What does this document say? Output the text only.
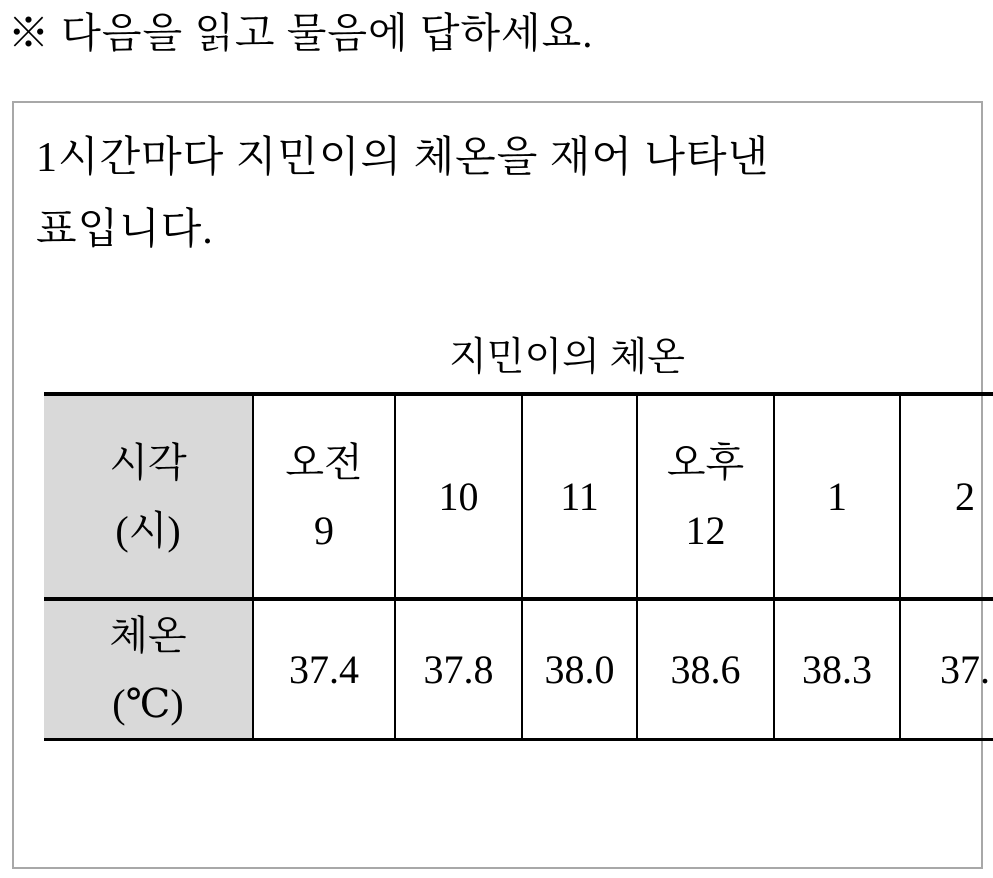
※ 다음을 읽고 물음에 답하세요.
1시간마다 지민이의 체온을 재어 나타낸
표입니다.
지민이의 체온
시각
(시)
오전
9
10 11
오후
12
1	2
체온
(℃)
37.4 37.8 38.0 38.6 38.3 37.
